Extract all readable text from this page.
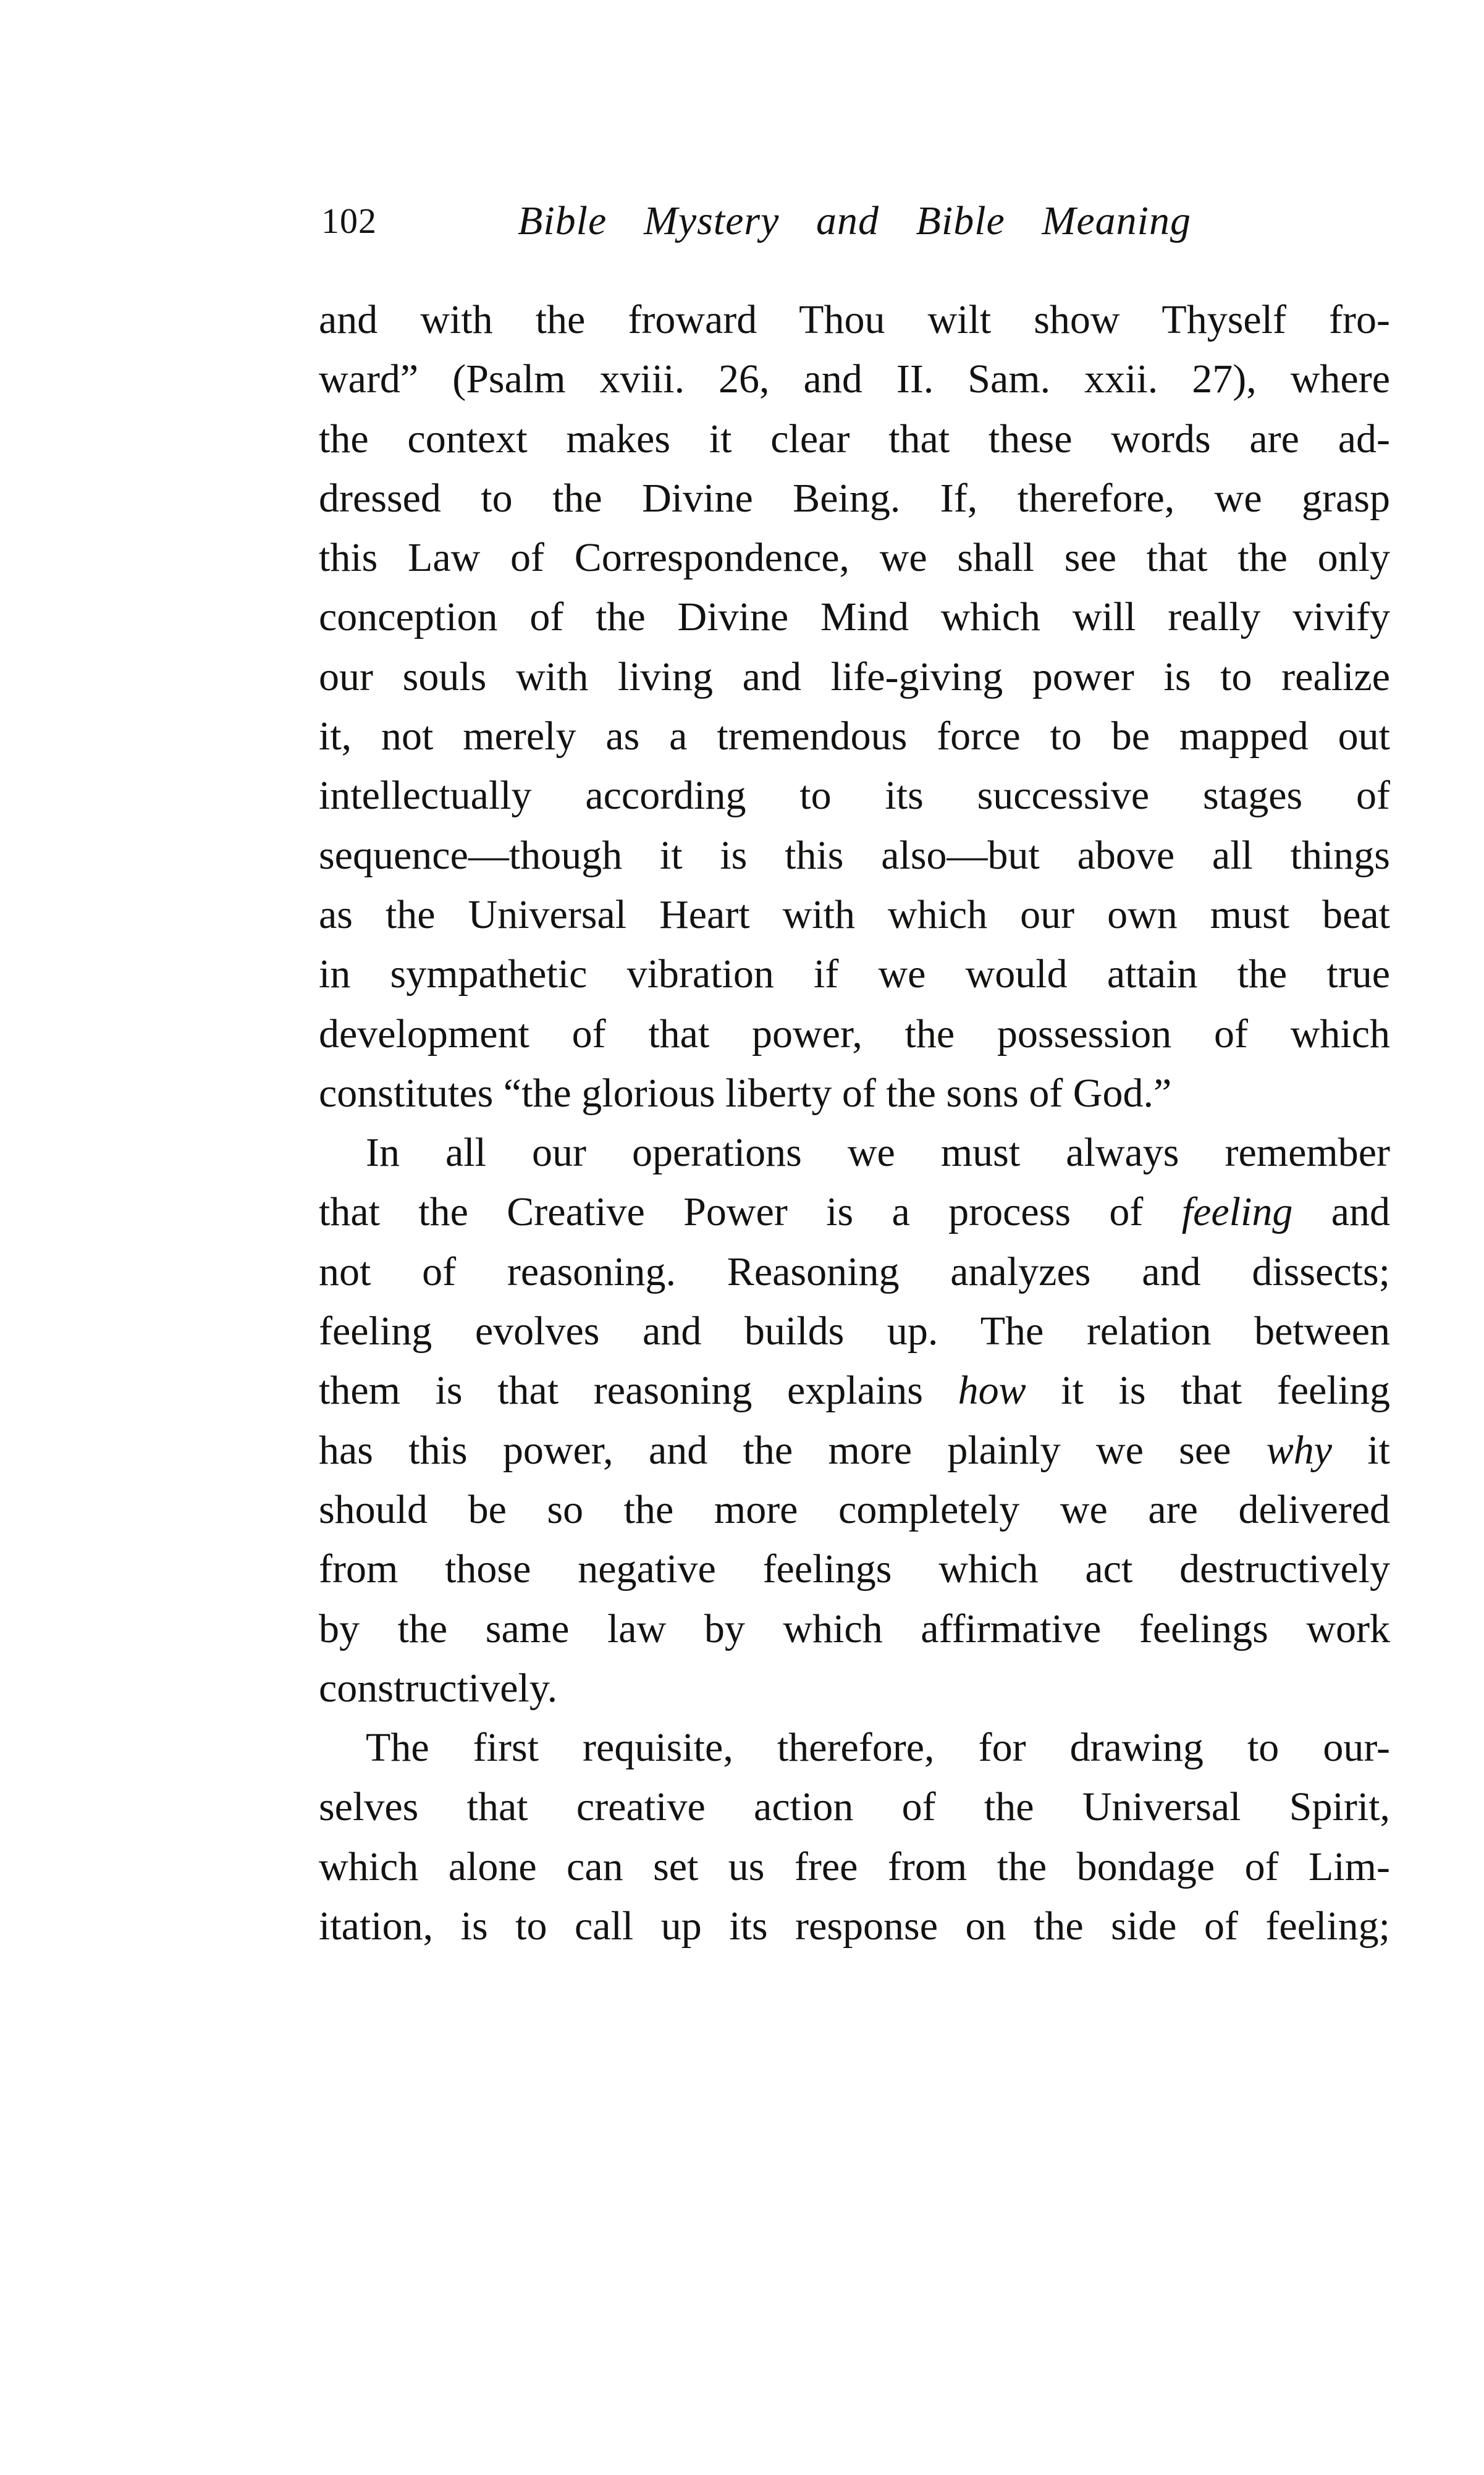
102	Bible Mystery and Bible Meaning
and with the froward Thou wilt show Thyself fro-
ward” (Psalm xviii. 26, and II. Sam. xxii. 27), where
the context makes it clear that these words are ad-
dressed to the Divine Being. If, therefore, we grasp
this Law of Correspondence, we shall see that the only
conception of the Divine Mind which will really vivify
our souls with living and life-giving power is to realize
it, not merely as a tremendous force to be mapped out
intellectually according to its successive stages of
sequence—though it is this also—but above all things
as the Universal Heart with which our own must beat
in sympathetic vibration if we would attain the true
development of that power, the possession of which
constitutes “the glorious liberty of the sons of God.”
In all our operations we must always remember
that the Creative Power is a process of feeling and
not of reasoning. Reasoning analyzes and dissects;
feeling evolves and builds up. The relation between
them is that reasoning explains how it is that feeling
has this power, and the more plainly we see why it
should be so the more completely we are delivered
from those negative feelings which act destructively
by the same law by which affirmative feelings work
constructively.
The first requisite, therefore, for drawing to our-
selves that creative action of the Universal Spirit,
which alone can set us free from the bondage of Lim-
itation, is to call up its response on the side of feeling;
